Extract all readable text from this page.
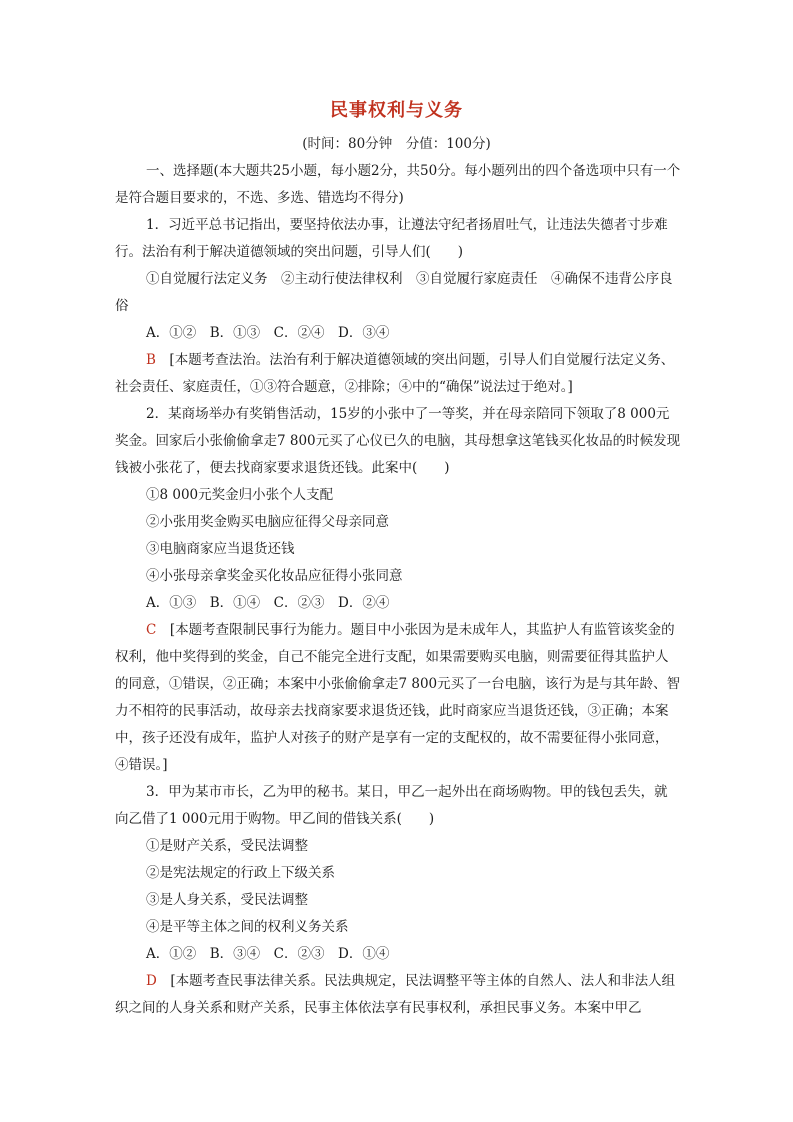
民事权利与义务
(时间：80分钟　分值：100分)

一、选择题(本大题共25小题，每小题2分，共50分。每小题列出的四个备选项中只有一个是符合题目要求的，不选、多选、错选均不得分)

1．习近平总书记指出，要坚持依法办事，让遵法守纪者扬眉吐气，让违法失德者寸步难行。法治有利于解决道德领域的突出问题，引导人们(　　)

①自觉履行法定义务　②主动行使法律权利　③自觉履行家庭责任　④确保不违背公序良俗

A．①②　B．①③　C．②④　D．③④

B　 [本题考查法治。法治有利于解决道德领域的突出问题，引导人们自觉履行法定义务、社会责任、家庭责任，①③符合题意，②排除；④中的“确保”说法过于绝对。]

2．某商场举办有奖销售活动，15岁的小张中了一等奖，并在母亲陪同下领取了8 000元奖金。回家后小张偷偷拿走7 800元买了心仪已久的电脑，其母想拿这笔钱买化妆品的时候发现钱被小张花了，便去找商家要求退货还钱。此案中(　　)

①8 000元奖金归小张个人支配

②小张用奖金购买电脑应征得父母亲同意

③电脑商家应当退货还钱

④小张母亲拿奖金买化妆品应征得小张同意

A．①③　B．①④　C．②③　D．②④

C　 [本题考查限制民事行为能力。题目中小张因为是未成年人，其监护人有监管该奖金的权利，他中奖得到的奖金，自己不能完全进行支配，如果需要购买电脑，则需要征得其监护人的同意，①错误，②正确；本案中小张偷偷拿走7 800元买了一台电脑，该行为是与其年龄、智力不相符的民事活动，故母亲去找商家要求退货还钱，此时商家应当退货还钱，③正确；本案中，孩子还没有成年，监护人对孩子的财产是享有一定的支配权的，故不需要征得小张同意，④错误。]

3．甲为某市市长，乙为甲的秘书。某日，甲乙一起外出在商场购物。甲的钱包丢失，就向乙借了1 000元用于购物。甲乙间的借钱关系(　　)

①是财产关系，受民法调整

②是宪法规定的行政上下级关系

③是人身关系，受民法调整

④是平等主体之间的权利义务关系

A．①②　B．③④　C．②③　D．①④

D　 [本题考查民事法律关系。民法典规定，民法调整平等主体的自然人、法人和非法人组织之间的人身关系和财产关系，民事主体依法享有民事权利，承担民事义务。本案中甲乙
